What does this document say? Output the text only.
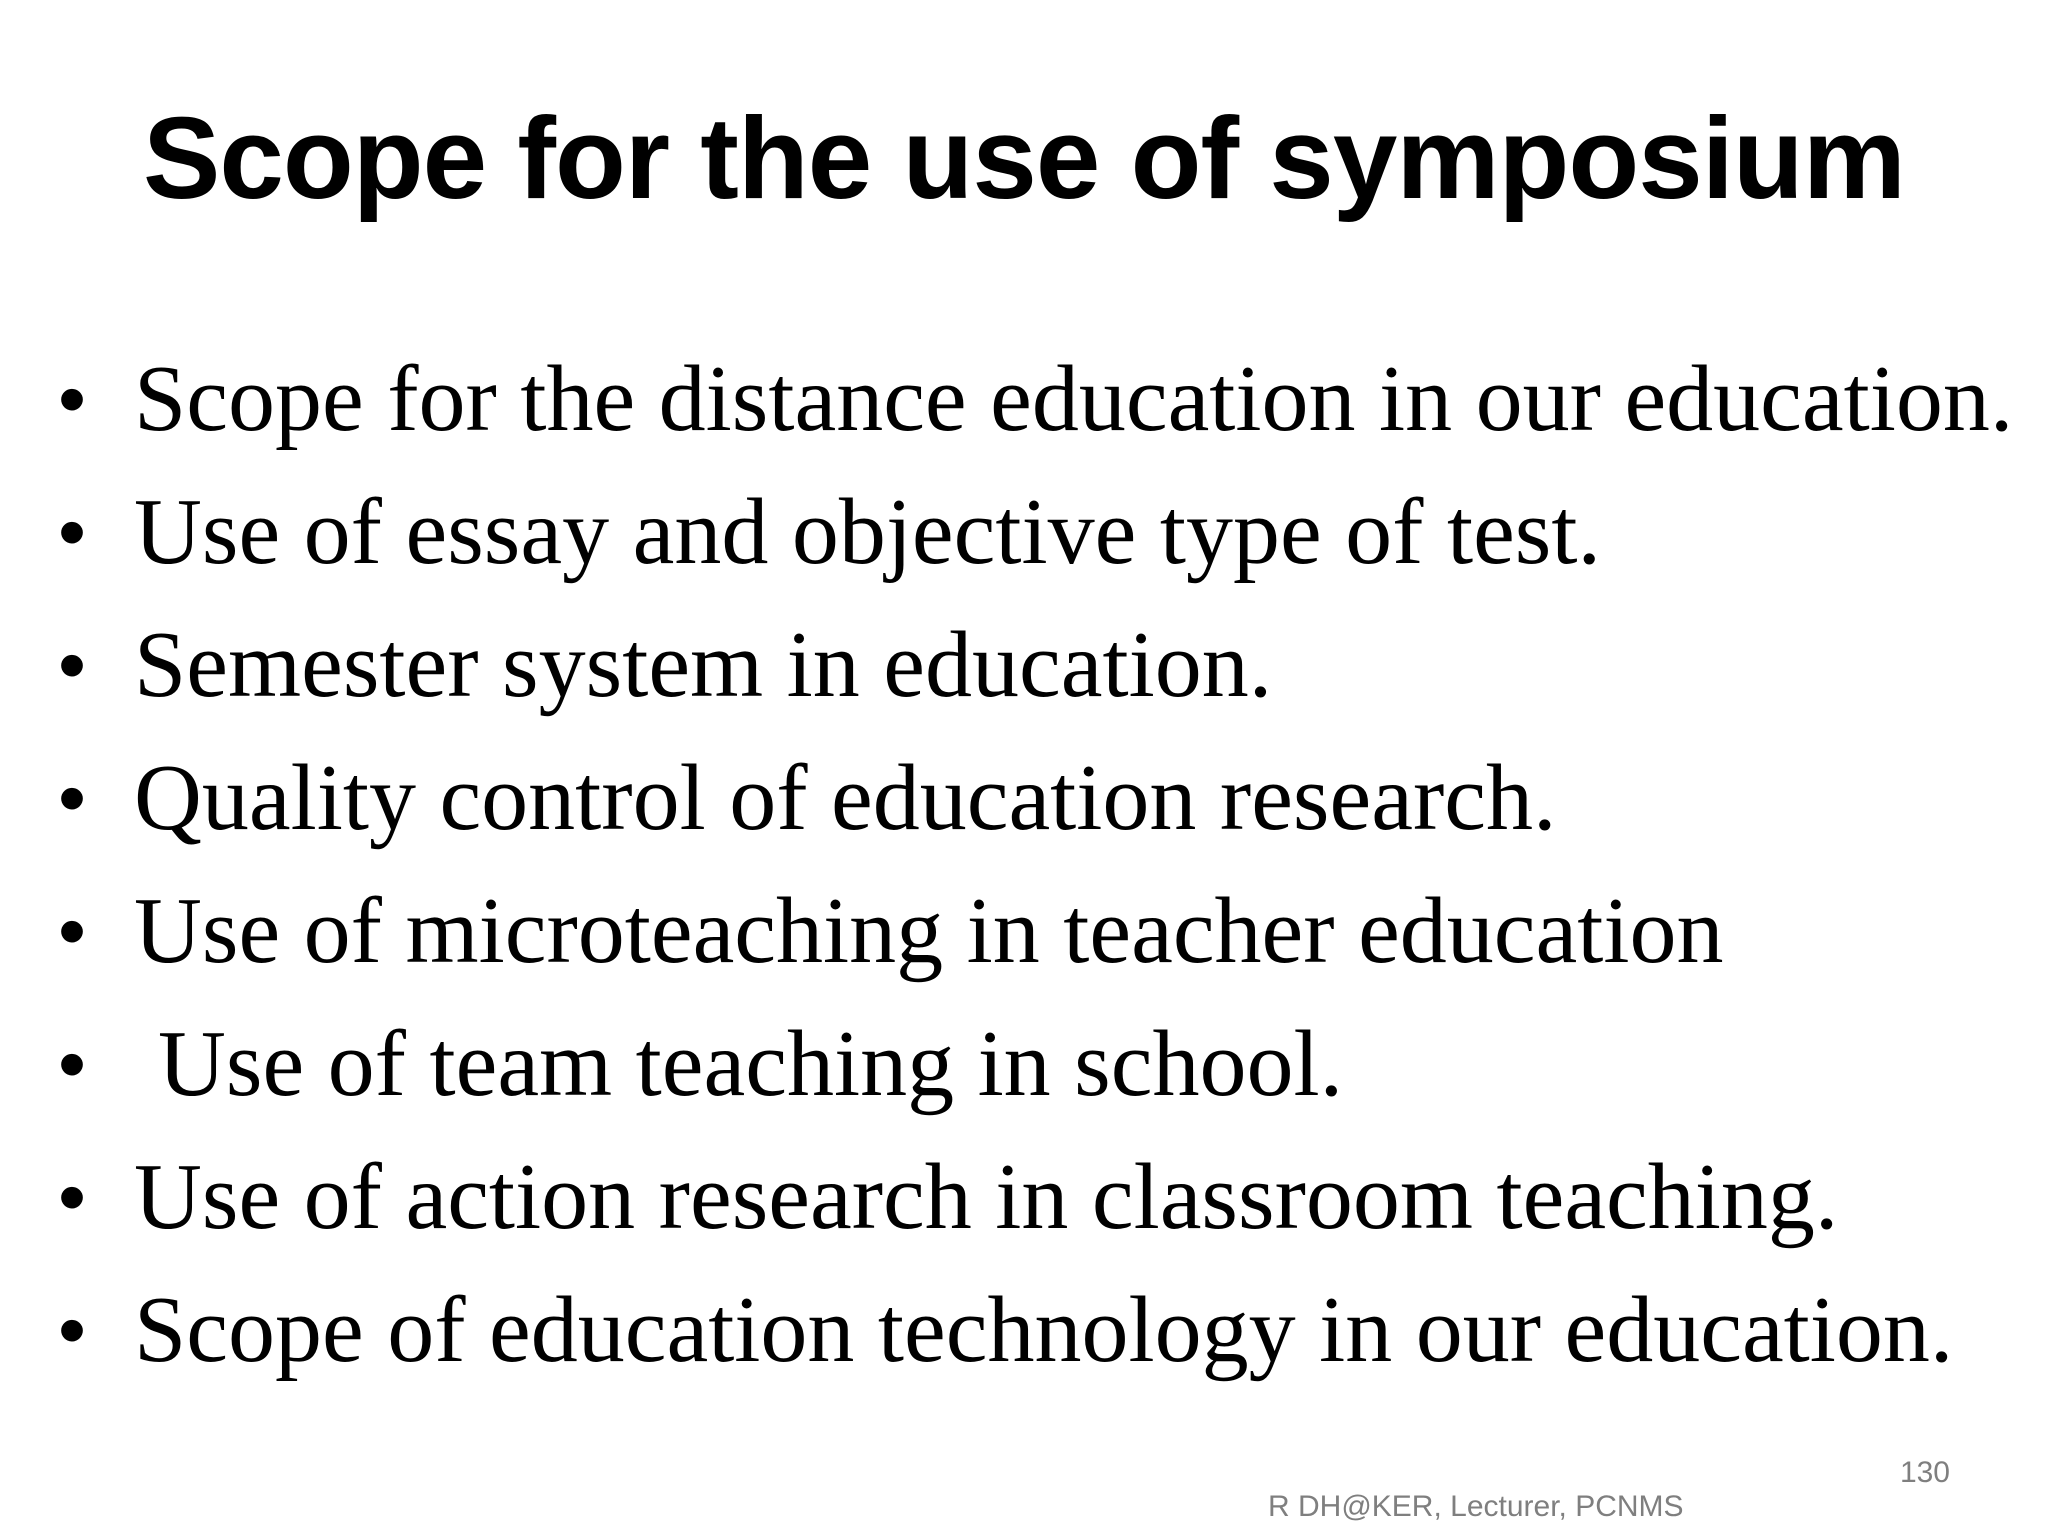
Scope for the use of symposium
• Scope for the distance education in our education.
• Use of essay and objective type of test.
• Semester system in education.
• Quality control of education research.
• Use of microteaching in teacher education
• Use of team teaching in school.
• Use of action research in classroom teaching.
• Scope of education technology in our education.
130
R DH@KER, Lecturer, PCNMS
